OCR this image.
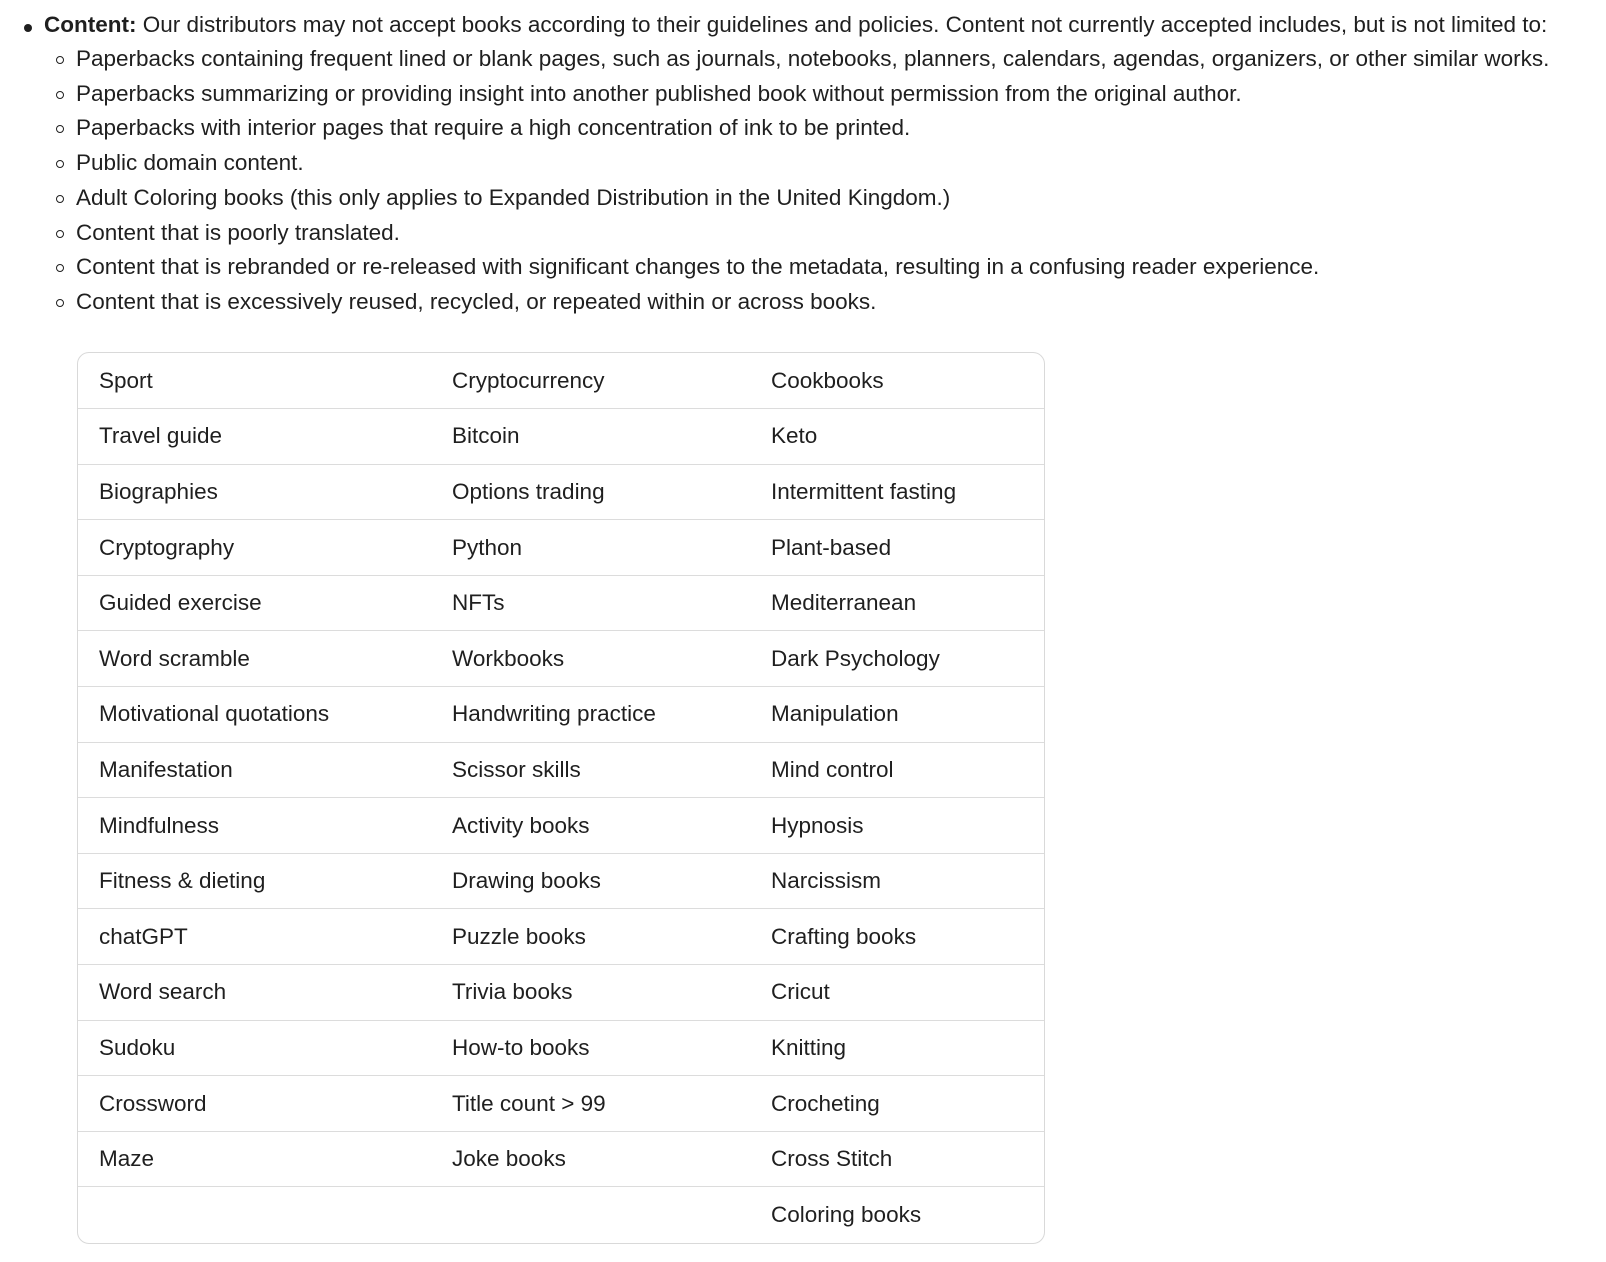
Content: Our distributors may not accept books according to their guidelines and policies. Content not currently accepted includes, but is not limited to:
Paperbacks containing frequent lined or blank pages, such as journals, notebooks, planners, calendars, agendas, organizers, or other similar works.
Paperbacks summarizing or providing insight into another published book without permission from the original author.
Paperbacks with interior pages that require a high concentration of ink to be printed.
Public domain content.
Adult Coloring books (this only applies to Expanded Distribution in the United Kingdom.)
Content that is poorly translated.
Content that is rebranded or re-released with significant changes to the metadata, resulting in a confusing reader experience.
Content that is excessively reused, recycled, or repeated within or across books.
Sport	Cryptocurrency	Cookbooks
Travel guide	Bitcoin	Keto
Biographies	Options trading	Intermittent fasting
Cryptography	Python	Plant-based
Guided exercise	NFTs	Mediterranean
Word scramble	Workbooks	Dark Psychology
Motivational quotations	Handwriting practice	Manipulation
Manifestation	Scissor skills	Mind control
Mindfulness	Activity books	Hypnosis
Fitness & dieting	Drawing books	Narcissism
chatGPT	Puzzle books	Crafting books
Word search	Trivia books	Cricut
Sudoku	How-to books	Knitting
Crossword	Title count > 99	Crocheting
Maze	Joke books	Cross Stitch
		Coloring books
